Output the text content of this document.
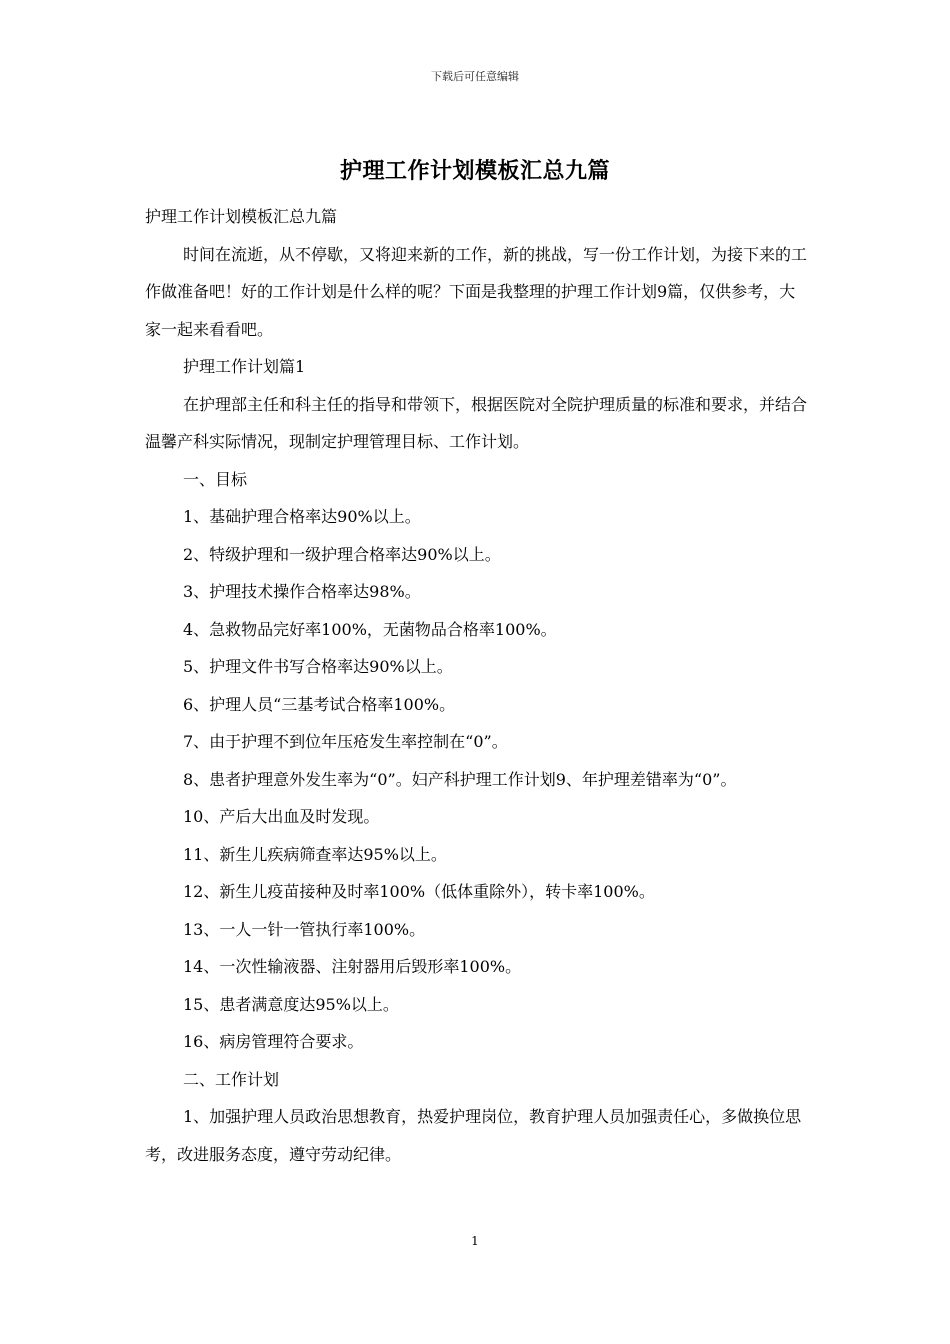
下载后可任意编辑
护理工作计划模板汇总九篇

护理工作计划模板汇总九篇

时间在流逝，从不停歇，又将迎来新的工作，新的挑战，写一份工作计划，为接下来的工作做准备吧！好的工作计划是什么样的呢？下面是我整理的护理工作计划9篇，仅供参考，大家一起来看看吧。

护理工作计划篇1

在护理部主任和科主任的指导和带领下，根据医院对全院护理质量的标准和要求，并结合温馨产科实际情况，现制定护理管理目标、工作计划。

一、目标

1、基础护理合格率达90%以上。

2、特级护理和一级护理合格率达90%以上。

3、护理技术操作合格率达98%。

4、急救物品完好率100%，无菌物品合格率100%。

5、护理文件书写合格率达90%以上。

6、护理人员“三基考试合格率100%。

7、由于护理不到位年压疮发生率控制在“0”。

8、患者护理意外发生率为“0”。妇产科护理工作计划9、年护理差错率为“0”。

10、产后大出血及时发现。

11、新生儿疾病筛查率达95%以上。

12、新生儿疫苗接种及时率100%（低体重除外），转卡率100%。

13、一人一针一管执行率100%。

14、一次性输液器、注射器用后毁形率100%。

15、患者满意度达95%以上。

16、病房管理符合要求。

二、工作计划

1、加强护理人员政治思想教育，热爱护理岗位，教育护理人员加强责任心，多做换位思考，改进服务态度，遵守劳动纪律。

1
